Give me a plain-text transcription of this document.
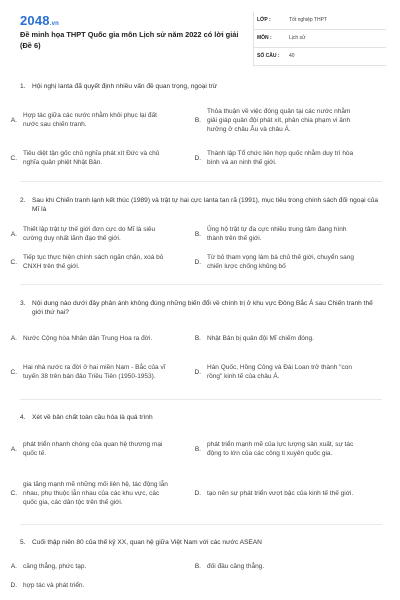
2048.vn
Đề minh họa THPT Quốc gia môn Lịch sử năm 2022 có lời giải (Đề 6)
LỚP :	Tốt nghiệp THPT
MÔN :	Lịch sử
SỐ CÂU : 40
1. Hội nghị Ianta đã quyết định nhiều vấn đề quan trọng, ngoại trừ
A.
Hợp tác giữa các nước nhằm khôi phục lại đất nước sau chiến tranh.
B.
Thỏa thuận về việc đóng quân tại các nước nhằm giải giáp quân đội phát xít, phân chia phạm vi ảnh hưởng ở châu Âu và châu Á.
C.
Tiêu diệt tận gốc chủ nghĩa phát xít Đức và chủ nghĩa quân phiệt Nhật Bản.
D.
Thành lập Tổ chức liên hợp quốc nhằm duy trì hòa bình và an ninh thế giới.
2. Sau khi Chiến tranh lạnh kết thúc (1989) và trật tự hai cực Ianta tan rã (1991), mục tiêu trong chính sách đối ngoại của Mĩ là
A.
Thiết lập trật tự thế giới đơn cực do Mĩ là siêu cường duy nhất lãnh đạo thế giới.
B.
Ủng hộ trật tự đa cực nhiều trung tâm đang hình thành trên thế giới.
C.
Tiếp tục thực hiện chính sách ngăn chặn, xoá bỏ CNXH trên thế giới.
D.
Từ bỏ tham vọng làm bá chủ thế giới, chuyển sang chiến lược chống khủng bố
3. Nội dung nào dưới đây phản ánh không đúng những biến đổi về chính trị ở khu vực Đông Bắc Á sau Chiến tranh thế giới thứ hai?
A. Nước Cộng hòa Nhân dân Trung Hoa ra đời.	B. Nhật Bản bị quân đội Mĩ chiếm đóng.
C.
Hai nhà nước ra đời ở hai miền Nam - Bắc của vĩ tuyến 38 trên bán đảo Triều Tiên (1950-1953).
D.
Hàn Quốc, Hồng Công và Đài Loan trở thành "con rồng" kinh tế của châu Á.
4. Xét về bản chất toàn cầu hóa là quá trình
A.
phát triển nhanh chóng của quan hệ thương mại quốc tế.
B.
phát triển mạnh mẽ của lực lượng sản xuất, sự tác động to lớn của các công ti xuyên quốc gia.
C.
gia tăng mạnh mẽ những mối liên hệ, tác động lẫn nhau, phụ thuộc lẫn nhau của các khu vực, các quốc gia, các dân tộc trên thế giới.
D. tạo nên sự phát triển vượt bậc của kinh tế thế giới.
5. Cuối thập niên 80 của thế kỷ XX, quan hệ giữa Việt Nam với các nước ASEAN
A. căng thẳng, phức tạp.	B. đối đầu căng thẳng.
D. hợp tác và phát triển.
